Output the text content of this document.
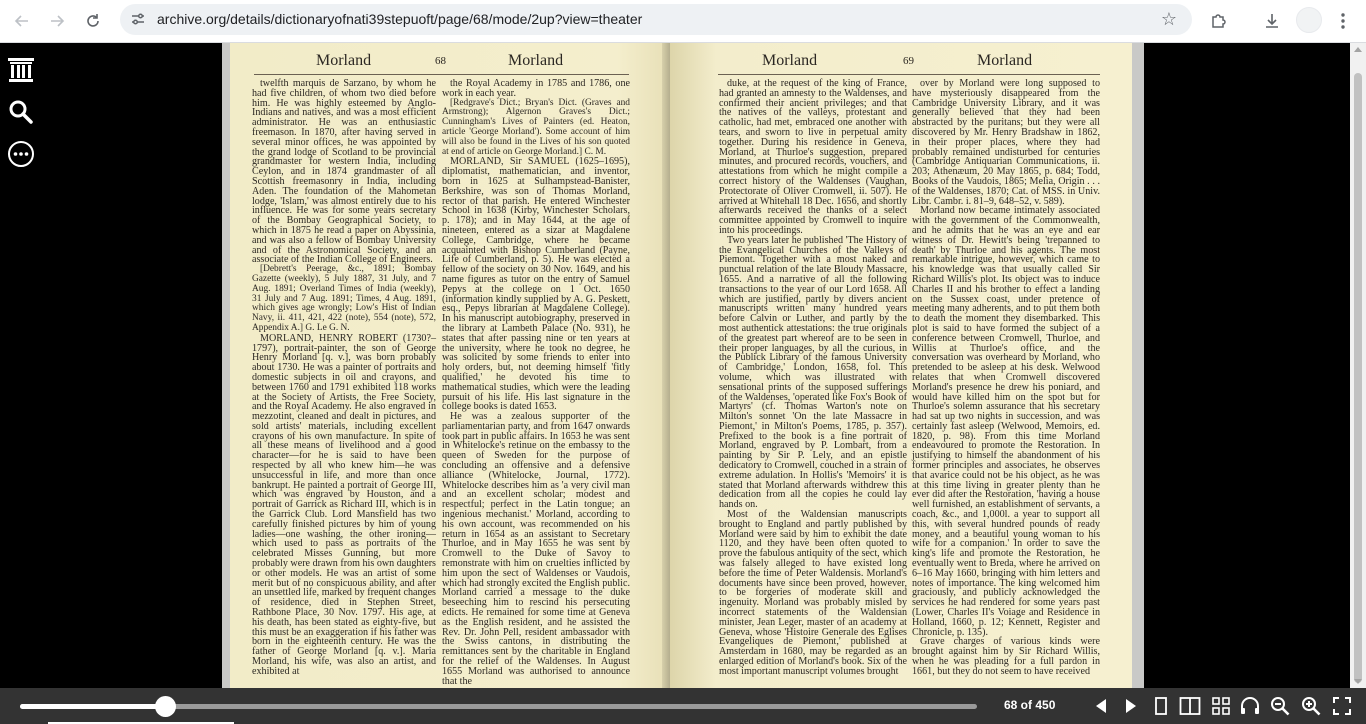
archive.org/details/dictionaryofnati39stepuoft/page/68/mode/2up?view=theater	☆
Morland	68	Morland

twelfth marquis de Sarzano, by whom he had five children, of whom two died before him. He was highly esteemed by Anglo-Indians and natives, and was a most efficient administrator. He was an enthusiastic freemason. In 1870, after having served in several minor offices, he was appointed by the grand lodge of Scotland to be provincial grandmaster for western India, including Ceylon, and in 1874 grandmaster of all Scottish freemasonry in India, including Aden. The foundation of the Mahometan lodge, 'Islam,' was almost entirely due to his influence. He was for some years secretary of the Bombay Geographical Society, to which in 1875 he read a paper on Abyssinia, and was also a fellow of Bombay University and of the Astronomical Society, and an associate of the Indian College of Engineers.

[Debrett's Peerage, &c., 1891; Bombay Gazette (weekly), 5 July 1887, 31 July, and 7 Aug. 1891; Overland Times of India (weekly), 31 July and 7 Aug. 1891; Times, 4 Aug. 1891, which gives age wrongly; Low's Hist of Indian Navy, ii. 411, 421, 422 (note), 554 (note), 572, Appendix A.] G. Le G. N.

MORLAND, HENRY ROBERT (1730?–1797), portrait-painter, the son of George Henry Morland [q. v.], was born probably about 1730. He was a painter of portraits and domestic subjects in oil and crayons, and between 1760 and 1791 exhibited 118 works at the Society of Artists, the Free Society, and the Royal Academy. He also engraved in mezzotint, cleaned and dealt in pictures, and sold artists' materials, including excellent crayons of his own manufacture. In spite of all these means of livelihood and a good character—for he is said to have been respected by all who knew him—he was unsuccessful in life, and more than once bankrupt. He painted a portrait of George III, which was engraved by Houston, and a portrait of Garrick as Richard III, which is in the Garrick Club. Lord Mansfield has two carefully finished pictures by him of young ladies—one washing, the other ironing—which used to pass as portraits of the celebrated Misses Gunning, but more probably were drawn from his own daughters or other models. He was an artist of some merit but of no conspicuous ability, and after an unsettled life, marked by frequent changes of residence, died in Stephen Street, Rathbone Place, 30 Nov. 1797. His age, at his death, has been stated as eighty-five, but this must be an exaggeration if his father was born in the eighteenth century. He was the father of George Morland [q. v.]. Maria Morland, his wife, was also an artist, and exhibited at

the Royal Academy in 1785 and 1786, one work in each year.

[Redgrave's Dict.; Bryan's Dict. (Graves and Armstrong); Algernon Graves's Dict.; Cunningham's Lives of Painters (ed. Heaton, article 'George Morland'). Some account of him will also be found in the Lives of his son quoted at end of article on George Morland.] C. M.

MORLAND, Sir SAMUEL (1625–1695), diplomatist, mathematician, and inventor, born in 1625 at Sulhampstead-Banister, Berkshire, was son of Thomas Morland, rector of that parish. He entered Winchester School in 1638 (Kirby, Winchester Scholars, p. 178); and in May 1644, at the age of nineteen, entered as a sizar at Magdalene College, Cambridge, where he became acquainted with Bishop Cumberland (Payne, Life of Cumberland, p. 5). He was elected a fellow of the society on 30 Nov. 1649, and his name figures as tutor on the entry of Samuel Pepys at the college on 1 Oct. 1650 (information kindly supplied by A. G. Peskett, esq., Pepys librarian at Magdalene College). In his manuscript autobiography, preserved in the library at Lambeth Palace (No. 931), he states that after passing nine or ten years at the university, where he took no degree, he was solicited by some friends to enter into holy orders, but, not deeming himself 'fitly qualified,' he devoted his time to mathematical studies, which were the leading pursuit of his life. His last signature in the college books is dated 1653.

He was a zealous supporter of the parliamentarian party, and from 1647 onwards took part in public affairs. In 1653 he was sent in Whitelocke's retinue on the embassy to the queen of Sweden for the purpose of concluding an offensive and a defensive alliance (Whitelocke, Journal, 1772). Whitelocke describes him as 'a very civil man and an excellent scholar; modest and respectful; perfect in the Latin tongue; an ingenious mechanist.' Morland, according to his own account, was recommended on his return in 1654 as an assistant to Secretary Thurloe, and in May 1655 he was sent by Cromwell to the Duke of Savoy to remonstrate with him on cruelties inflicted by him upon the sect of Waldenses or Vaudois, which had strongly excited the English public. Morland carried a message to the duke beseeching him to rescind his persecuting edicts. He remained for some time at Geneva as the English resident, and he assisted the Rev. Dr. John Pell, resident ambassador with the Swiss cantons, in distributing the remittances sent by the charitable in England for the relief of the Waldenses. In August 1655 Morland was authorised to announce that the

Morland	69	Morland

duke, at the request of the king of France, had granted an amnesty to the Waldenses, and confirmed their ancient privileges; and that the natives of the valleys, protestant and catholic, had met, embraced one another with tears, and sworn to live in perpetual amity together. During his residence in Geneva, Morland, at Thurloe's suggestion, prepared minutes, and procured records, vouchers, and attestations from which he might compile a correct history of the Waldenses (Vaughan, Protectorate of Oliver Cromwell, ii. 507). He arrived at Whitehall 18 Dec. 1656, and shortly afterwards received the thanks of a select committee appointed by Cromwell to inquire into his proceedings.

Two years later he published 'The History of the Evangelical Churches of the Valleys of Piemont. Together with a most naked and punctual relation of the late Bloudy Massacre, 1655. And a narrative of all the following transactions to the year of our Lord 1658. All which are justified, partly by divers ancient manuscripts written many hundred years before Calvin or Luther, and partly by the most authentick attestations: the true originals of the greatest part whereof are to be seen in their proper languages, by all the curious, in the Publick Library of the famous University of Cambridge,' London, 1658, fol. This volume, which was illustrated with sensational prints of the supposed sufferings of the Waldenses, 'operated like Fox's Book of Martyrs' (cf. Thomas Warton's note on Milton's sonnet 'On the late Massacre in Piemont,' in Milton's Poems, 1785, p. 357). Prefixed to the book is a fine portrait of Morland, engraved by P. Lombart, from a painting by Sir P. Lely, and an epistle dedicatory to Cromwell, couched in a strain of extreme adulation. In Hollis's 'Memoirs' it is stated that Morland afterwards withdrew this dedication from all the copies he could lay hands on.

Most of the Waldensian manuscripts brought to England and partly published by Morland were said by him to exhibit the date 1120, and they have been often quoted to prove the fabulous antiquity of the sect, which was falsely alleged to have existed long before the time of Peter Waldensis. Morland's documents have since been proved, however, to be forgeries of moderate skill and ingenuity. Morland was probably misled by incorrect statements of the Waldensian minister, Jean Leger, master of an academy at Geneva, whose 'Histoire Generale des Eglises Evangeliques de Piemont,' published at Amsterdam in 1680, may be regarded as an enlarged edition of Morland's book. Six of the most important manuscript volumes brought

over by Morland were long supposed to have mysteriously disappeared from the Cambridge University Library, and it was generally believed that they had been abstracted by the puritans; but they were all discovered by Mr. Henry Bradshaw in 1862, in their proper places, where they had probably remained undisturbed for centuries (Cambridge Antiquarian Communications, ii. 203; Athenæum, 20 May 1865, p. 684; Todd, Books of the Vaudois, 1865; Melia, Origin . . . of the Waldenses, 1870; Cat. of MSS. in Univ. Libr. Cambr. i. 81–9, 648–52, v. 589).

Morland now became intimately associated with the government of the Commonwealth, and he admits that he was an eye and ear witness of Dr. Hewitt's being 'trepanned to death' by Thurloe and his agents. The most remarkable intrigue, however, which came to his knowledge was that usually called Sir Richard Willis's plot. Its object was to induce Charles II and his brother to effect a landing on the Sussex coast, under pretence of meeting many adherents, and to put them both to death the moment they disembarked. This plot is said to have formed the subject of a conference between Cromwell, Thurloe, and Willis at Thurloe's office, and the conversation was overheard by Morland, who pretended to be asleep at his desk. Welwood relates that when Cromwell discovered Morland's presence he drew his poniard, and would have killed him on the spot but for Thurloe's solemn assurance that his secretary had sat up two nights in succession, and was certainly fast asleep (Welwood, Memoirs, ed. 1820, p. 98). From this time Morland endeavoured to promote the Restoration. In justifying to himself the abandonment of his former principles and associates, he observes that avarice could not be his object, as he was at this time living in greater plenty than he ever did after the Restoration, 'having a house well furnished, an establishment of servants, a coach, &c., and 1,000l. a year to support all this, with several hundred pounds of ready money, and a beautiful young woman to his wife for a companion.' In order to save the king's life and promote the Restoration, he eventually went to Breda, where he arrived on 6–16 May 1660, bringing with him letters and notes of importance. The king welcomed him graciously, and publicly acknowledged the services he had rendered for some years past (Lower, Charles II's Voiage and Residence in Holland, 1660, p. 12; Kennett, Register and Chronicle, p. 135).

Grave charges of various kinds were brought against him by Sir Richard Willis, when he was pleading for a full pardon in 1661, but they do not seem to have received

68 of 450
